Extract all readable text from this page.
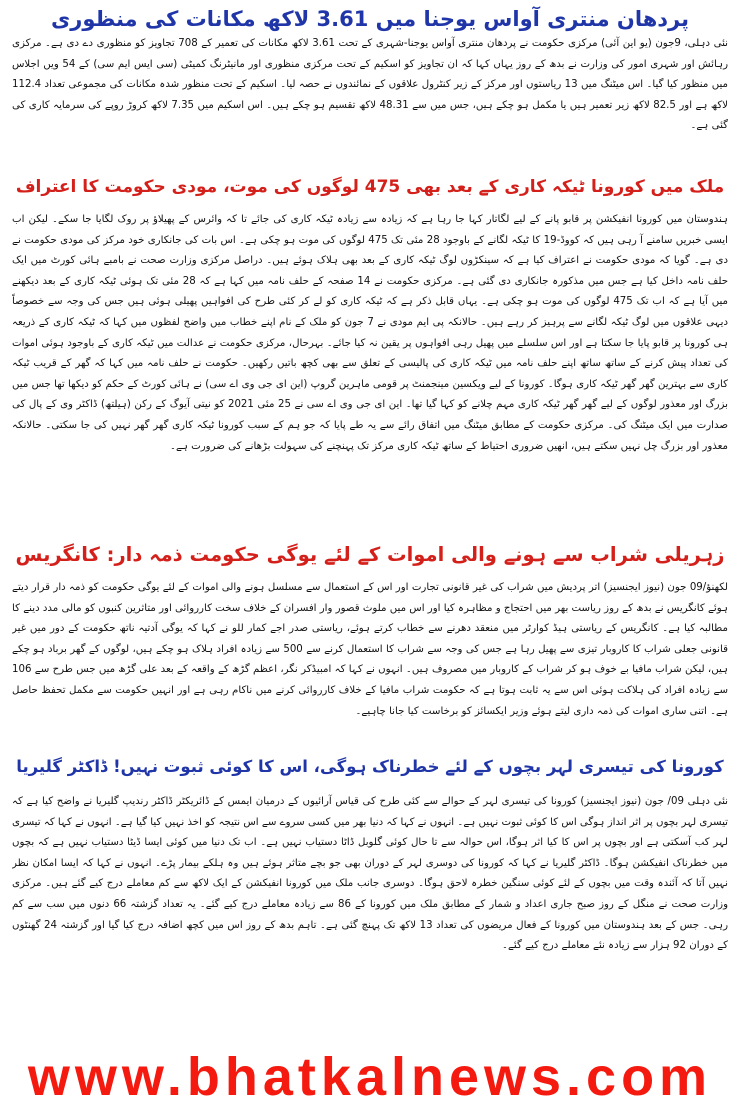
پردھان منتری آواس یوجنا میں 3.61 لاکھ مکانات کی منظوری

نئی دہلی، 9جون (یو این آئی) مرکزی حکومت نے پردھان منتری آواس یوجنا-شہری کے تحت 3.61 لاکھ مکانات کی تعمیر کے 708 تجاویز کو منظوری دے دی ہے۔ مرکزی رہائش اور شہری امور کی وزارت نے بدھ کے روز یہاں کہا کہ ان تجاویز کو اسکیم کے تحت مرکزی منظوری اور مانیٹرنگ کمیٹی (سی ایس ایم سی) کے 54 ویں اجلاس میں منظور کیا گیا۔ اس میٹنگ میں 13 ریاستوں اور مرکز کے زیر کنٹرول علاقوں کے نمائندوں نے حصہ لیا۔ اسکیم کے تحت منظور شدہ مکانات کی مجموعی تعداد 112.4 لاکھ ہے اور 82.5 لاکھ زیر تعمیر ہیں یا مکمل ہو چکے ہیں، جس میں سے 48.31 لاکھ تقسیم ہو چکے ہیں۔ اس اسکیم میں 7.35 لاکھ کروڑ روپے کی سرمایہ کاری کی گئی ہے۔

ملک میں کورونا ٹیکہ کاری کے بعد بھی 475 لوگوں کی موت، مودی حکومت کا اعتراف

ہندوستان میں کورونا انفیکشن پر قابو پانے کے لیے لگاتار کہا جا رہا ہے کہ زیادہ سے زیادہ ٹیکہ کاری کی جائے تا کہ وائرس کے پھیلاؤ پر روک لگایا جا سکے۔ لیکن اب ایسی خبریں سامنے آ رہی ہیں کہ کووڈ-19 کا ٹیکہ لگانے کے باوجود 28 مئی تک 475 لوگوں کی موت ہو چکی ہے۔ اس بات کی جانکاری خود مرکز کی مودی حکومت نے دی ہے۔ گویا کہ مودی حکومت نے اعتراف کیا ہے کہ سینکڑوں لوگ ٹیکہ کاری کے بعد بھی ہلاک ہوئے ہیں۔ دراصل مرکزی وزارت صحت نے بامبے ہائی کورٹ میں ایک حلف نامہ داخل کیا ہے جس میں مذکورہ جانکاری دی گئی ہے۔ مرکزی حکومت نے 14 صفحہ کے حلف نامہ میں کہا ہے کہ 28 مئی تک ہوئی ٹیکہ کاری کے بعد دیکھنے میں آیا ہے کہ اب تک 475 لوگوں کی موت ہو چکی ہے۔ یہاں قابل ذکر ہے کہ ٹیکہ کاری کو لے کر کئی طرح کی افواہیں پھیلی ہوئی ہیں جس کی وجہ سے خصوصاً دیہی علاقوں میں لوگ ٹیکہ لگانے سے پرہیز کر رہے ہیں۔ حالانکہ پی ایم مودی نے 7 جون کو ملک کے نام اپنے خطاب میں واضح لفظوں میں کہا کہ ٹیکہ کاری کے ذریعہ ہی کورونا پر قابو پایا جا سکتا ہے اور اس سلسلے میں پھیل رہی افواہوں پر یقین نہ کیا جائے۔ بہرحال، مرکزی حکومت نے عدالت میں ٹیکہ کاری کے باوجود ہوئی اموات کی تعداد پیش کرنے کے ساتھ ساتھ اپنے حلف نامہ میں ٹیکہ کاری کی پالیسی کے تعلق سے بھی کچھ باتیں رکھیں۔ حکومت نے حلف نامہ میں کہا کہ گھر کے قریب ٹیکہ کاری سے بہترین گھر گھر ٹیکہ کاری ہوگا۔ کورونا کے لیے ویکسین مینجمنٹ پر قومی ماہرین گروپ (این ای جی وی اے سی) نے ہائی کورٹ کے حکم کو دیکھا تھا جس میں بزرگ اور معذور لوگوں کے لیے گھر گھر ٹیکہ کاری مہم چلانے کو کہا گیا تھا۔ این ای جی وی اے سی نے 25 مئی 2021 کو نیتی آیوگ کے رکن (ہیلتھ) ڈاکٹر وی کے پال کی صدارت میں ایک میٹنگ کی۔ مرکزی حکومت کے مطابق میٹنگ میں اتفاق رائے سے یہ طے پایا کہ جو ہم کے سبب کورونا ٹیکہ کاری گھر گھر نہیں کی جا سکتی۔ حالانکہ معذور اور بزرگ چل نہیں سکتے ہیں، انھیں ضروری احتیاط کے ساتھ ٹیکہ کاری مرکز تک پہنچنے کی سہولت بڑھانے کی ضرورت ہے۔

زہریلی شراب سے ہونے والی اموات کے لئے یوگی حکومت ذمہ دار: کانگریس

لکھنؤ/09 جون (نیوز ایجنسیز) اتر پردیش میں شراب کی غیر قانونی تجارت اور اس کے استعمال سے مسلسل ہونے والی اموات کے لئے یوگی حکومت کو ذمہ دار قرار دیتے ہوئے کانگریس نے بدھ کے روز ریاست بھر میں احتجاج و مظاہرہ کیا اور اس میں ملوث قصور وار افسران کے خلاف سخت کارروائی اور متاثرین کنبوں کو مالی مدد دینے کا مطالبہ کیا ہے۔ کانگریس کے ریاستی ہیڈ کوارٹر میں منعقد دھرنے سے خطاب کرتے ہوئے، ریاستی صدر اجے کمار للو نے کہا کہ یوگی آدتیہ ناتھ حکومت کے دور میں غیر قانونی جعلی شراب کا کاروبار تیزی سے پھیل رہا ہے جس کی وجہ سے شراب کا استعمال کرنے سے 500 سے زیادہ افراد ہلاک ہو چکے ہیں، لوگوں کے گھر برباد ہو چکے ہیں، لیکن شراب مافیا بے خوف ہو کر شراب کے کاروبار میں مصروف ہیں۔ انہوں نے کہا کہ امبیڈکر نگر، اعظم گڑھ کے واقعہ کے بعد علی گڑھ میں جس طرح سے 106 سے زیادہ افراد کی ہلاکت ہوئی اس سے یہ ثابت ہوتا ہے کہ حکومت شراب مافیا کے خلاف کارروائی کرنے میں ناکام رہی ہے اور انہیں حکومت سے مکمل تحفظ حاصل ہے۔ اتنی ساری اموات کی ذمہ داری لیتے ہوئے وزیر ایکسائز کو برخاست کیا جانا چاہیے۔

کورونا کی تیسری لہر بچوں کے لئے خطرناک ہوگی، اس کا کوئی ثبوت نہیں! ڈاکٹر گلیریا

نئی دہلی 09/ جون (نیوز ایجنسیز) کورونا کی تیسری لہر کے حوالے سے کئی طرح کی قیاس آرائیوں کے درمیان ایمس کے ڈائریکٹر ڈاکٹر رندیپ گلیریا نے واضح کیا ہے کہ تیسری لہر بچوں پر اثر انداز ہوگی اس کا کوئی ثبوت نہیں ہے۔ انہوں نے کہا کہ دنیا بھر میں کسی سروے سے اس نتیجہ کو اخذ نہیں کیا گیا ہے۔ انہوں نے کہا کہ تیسری لہر کب آسکتی ہے اور بچوں پر اس کا کیا اثر ہوگا، اس حوالہ سے تا حال کوئی گلوبل ڈاٹا دستیاب نہیں ہے۔ اب تک دنیا میں کوئی ایسا ڈیٹا دستیاب نہیں ہے کہ بچوں میں خطرناک انفیکشن ہوگا۔ ڈاکٹر گلیریا نے کہا کہ کورونا کی دوسری لہر کے دوران بھی جو بچے متاثر ہوئے ہیں وہ ہلکے بیمار پڑے۔ انہوں نے کہا کہ ایسا امکان نظر نہیں آتا کہ آئندہ وقت میں بچوں کے لئے کوئی سنگین خطرہ لاحق ہوگا۔ دوسری جانب ملک میں کورونا انفیکشن کے ایک لاکھ سے کم معاملے درج کیے گئے ہیں۔ مرکزی وزارت صحت نے منگل کے روز صبح جاری اعداد و شمار کے مطابق ملک میں کورونا کے 86 سے زیادہ معاملے درج کیے گئے۔ یہ تعداد گزشتہ 66 دنوں میں سب سے کم رہی۔ جس کے بعد ہندوستان میں کورونا کے فعال مریضوں کی تعداد 13 لاکھ تک پہنچ گئی ہے۔ تاہم بدھ کے روز اس میں کچھ اضافہ درج کیا گیا اور گزشتہ 24 گھنٹوں کے دوران 92 ہزار سے زیادہ نئے معاملے درج کیے گئے۔

www.bhatkalnews.com
